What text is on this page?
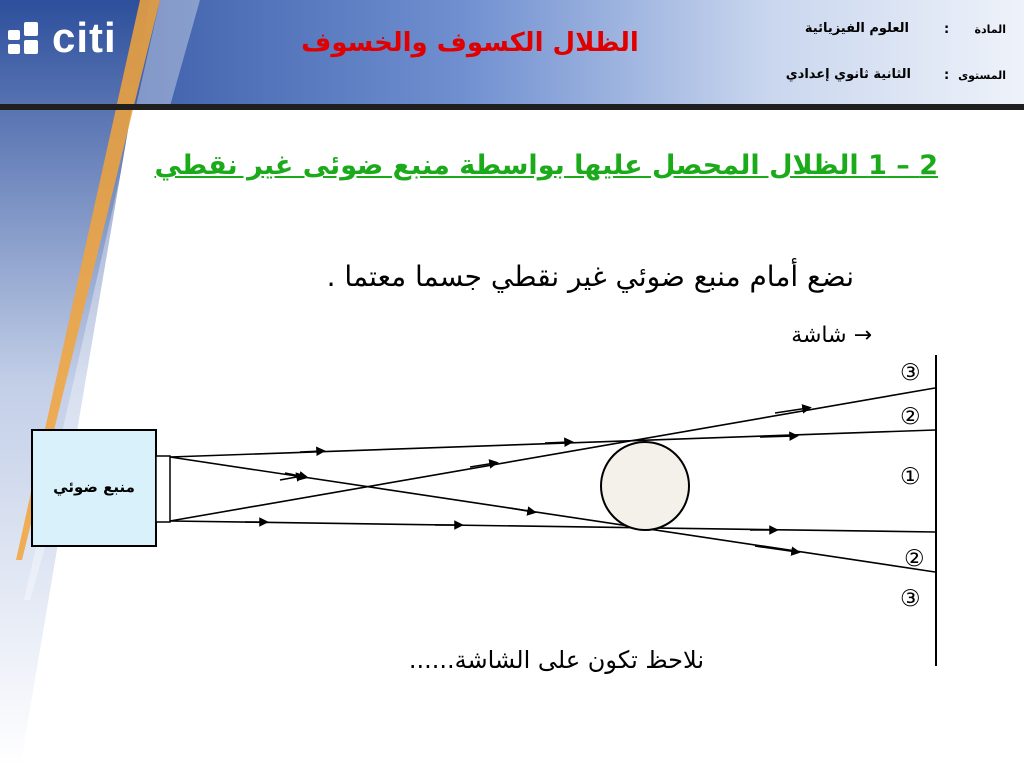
citi	الظلال الكسوف والخسوف	المادة
:
العلوم الفيزيائية
المستوى
:
الثانية ثانوي إعدادي
2 – 1 الظلال المحصل عليها بواسطة منبع ضوئى غير نقطي
نضع أمام منبع ضوئي غير نقطي جسما معتما .
→ شاشة
نلاحظ تكون على الشاشة......
منبع ضوئي
③
②
①
②
③
